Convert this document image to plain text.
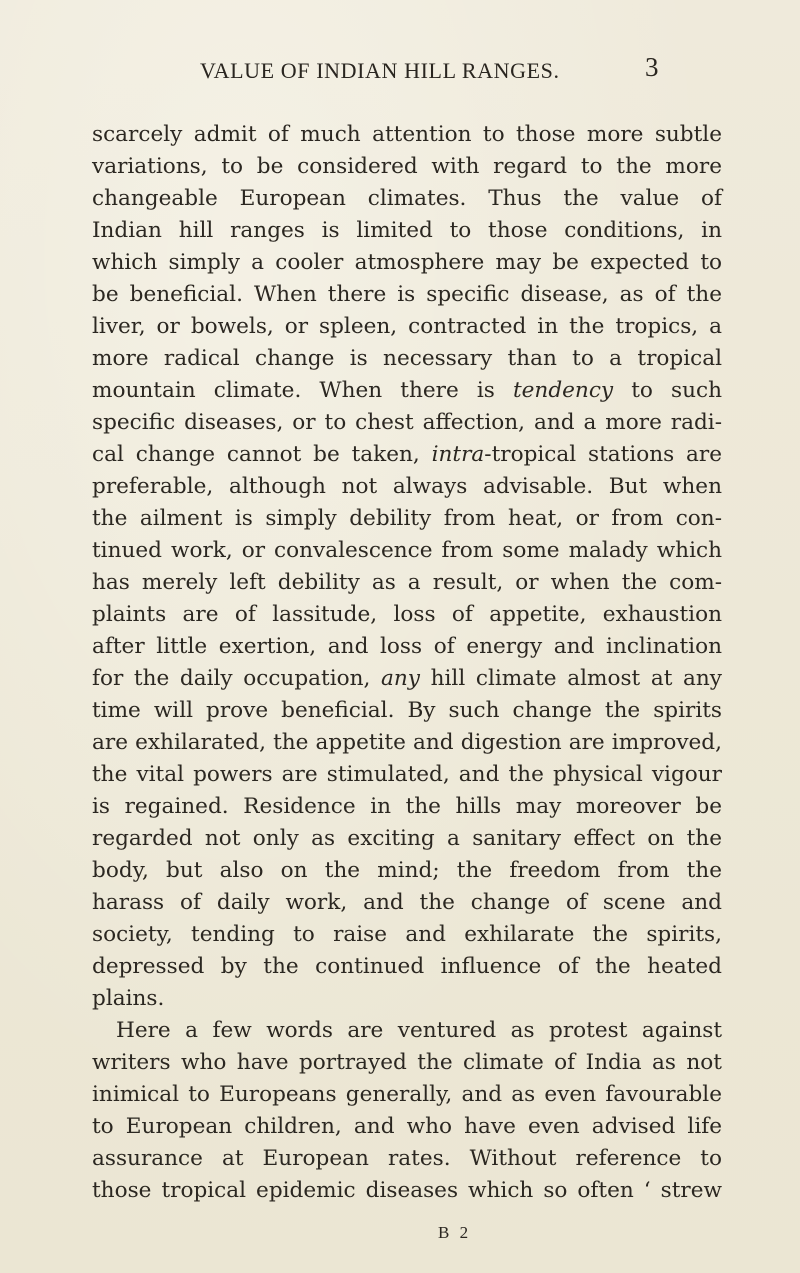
VALUE OF INDIAN HILL RANGES.	3
scarcely admit of much attention to those more subtle
variations, to be considered with regard to the more
changeable European climates. Thus the value of
Indian hill ranges is limited to those conditions, in
which simply a cooler atmosphere may be expected to
be beneficial. When there is specific disease, as of the
liver, or bowels, or spleen, contracted in the tropics, a
more radical change is necessary than to a tropical
mountain climate. When there is tendency to such
specific diseases, or to chest affection, and a more radi-
cal change cannot be taken, intra-tropical stations are
preferable, although not always advisable. But when
the ailment is simply debility from heat, or from con-
tinued work, or convalescence from some malady which
has merely left debility as a result, or when the com-
plaints are of lassitude, loss of appetite, exhaustion
after little exertion, and loss of energy and inclination
for the daily occupation, any hill climate almost at any
time will prove beneficial. By such change the spirits
are exhilarated, the appetite and digestion are improved,
the vital powers are stimulated, and the physical vigour
is regained. Residence in the hills may moreover be
regarded not only as exciting a sanitary effect on the
body, but also on the mind; the freedom from the
harass of daily work, and the change of scene and
society, tending to raise and exhilarate the spirits,
depressed by the continued influence of the heated
plains.
Here a few words are ventured as protest against
writers who have portrayed the climate of India as not
inimical to Europeans generally, and as even favourable
to European children, and who have even advised life
assurance at European rates. Without reference to
those tropical epidemic diseases which so often ‘ strew
B 2
